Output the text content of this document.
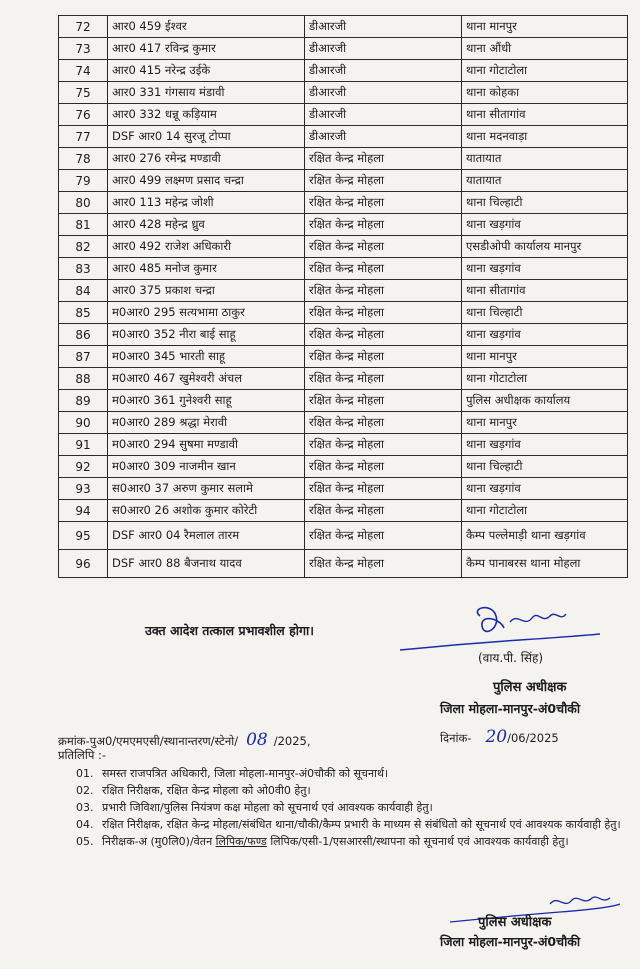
72	आर0 459 ईश्वर	डीआरजी	थाना मानपुर
73	आर0 417 रविन्द्र कुमार	डीआरजी	थाना औंधी
74	आर0 415 नरेन्द्र उईके	डीआरजी	थाना गोटाटोला
75	आर0 331 गंगसाय मंडावी	डीआरजी	थाना कोहका
76	आर0 332 धन्नू कड़ियाम	डीआरजी	थाना सीतागांव
77	DSF आर0 14 सुरजू टोप्पा	डीआरजी	थाना मदनवाड़ा
78	आर0 276 रमेन्द्र मण्डावी	रक्षित केन्द्र मोहला	यातायात
79	आर0 499 लक्ष्मण प्रसाद चन्द्रा	रक्षित केन्द्र मोहला	यातायात
80	आर0 113 महेन्द्र जोशी	रक्षित केन्द्र मोहला	थाना चिल्हाटी
81	आर0 428 महेन्द्र ध्रुव	रक्षित केन्द्र मोहला	थाना खड़गांव
82	आर0 492 राजेश अधिकारी	रक्षित केन्द्र मोहला	एसडीओपी कार्यालय मानपुर
83	आर0 485 मनोज कुमार	रक्षित केन्द्र मोहला	थाना खड़गांव
84	आर0 375 प्रकाश चन्द्रा	रक्षित केन्द्र मोहला	थाना सीतागांव
85	म0आर0 295 सत्यभामा ठाकुर	रक्षित केन्द्र मोहला	थाना चिल्हाटी
86	म0आर0 352 नीरा बाई साहू	रक्षित केन्द्र मोहला	थाना खड़गांव
87	म0आर0 345 भारती साहू	रक्षित केन्द्र मोहला	थाना मानपुर
88	म0आर0 467 खुमेश्वरी अंचल	रक्षित केन्द्र मोहला	थाना गोटाटोला
89	म0आर0 361 गुनेश्वरी साहू	रक्षित केन्द्र मोहला	पुलिस अधीक्षक कार्यालय
90	म0आर0 289 श्रद्धा मेरावी	रक्षित केन्द्र मोहला	थाना मानपुर
91	म0आर0 294 सुषमा मण्डावी	रक्षित केन्द्र मोहला	थाना खड़गांव
92	म0आर0 309 नाजमीन खान	रक्षित केन्द्र मोहला	थाना चिल्हाटी
93	स0आर0 37 अरुण कुमार सलामे	रक्षित केन्द्र मोहला	थाना खड़गांव
94	स0आर0 26 अशोक कुमार कोरेटी	रक्षित केन्द्र मोहला	थाना गोटाटोला
95	DSF आर0 04 रैमलाल तारम	रक्षित केन्द्र मोहला	कैम्प पल्लेमाड़ी थाना खड़गांव
96	DSF आर0 88 बैजनाथ यादव	रक्षित केन्द्र मोहला	कैम्प पानाबरस थाना मोहला
उक्त आदेश तत्काल प्रभावशील होगा।
(वाय.पी. सिंह)
पुलिस अधीक्षक
जिला मोहला-मानपुर-अं0चौकी
क्रमांक-पुअ0/एमएमएसी/स्थानान्तरण/स्टेनो/ 08 /2025,	दिनांक- 20 /06/2025
प्रतिलिपि :-
01. समस्त राजपत्रित अधिकारी, जिला मोहला-मानपुर-अं0चौकी को सूचनार्थ।
02. रक्षित निरीक्षक, रक्षित केन्द्र मोहला को ओ0वी0 हेतु।
03. प्रभारी जिविशा/पुलिस नियंत्रण कक्ष मोहला को सूचनार्थ एवं आवश्यक कार्यवाही हेतु।
04. रक्षित निरीक्षक, रक्षित केन्द्र मोहला/संबंधित थाना/चौकी/कैम्प प्रभारी के माध्यम से संबंधितो को सूचनार्थ एवं आवश्यक कार्यवाही हेतु।
05. निरीक्षक-अ (मु0लि0)/वेतन लिपिक/फण्ड लिपिक/एसी-1/एसआरसी/स्थापना को सूचनार्थ एवं आवश्यक कार्यवाही हेतु।
पुलिस अधीक्षक
जिला मोहला-मानपुर-अं0चौकी
